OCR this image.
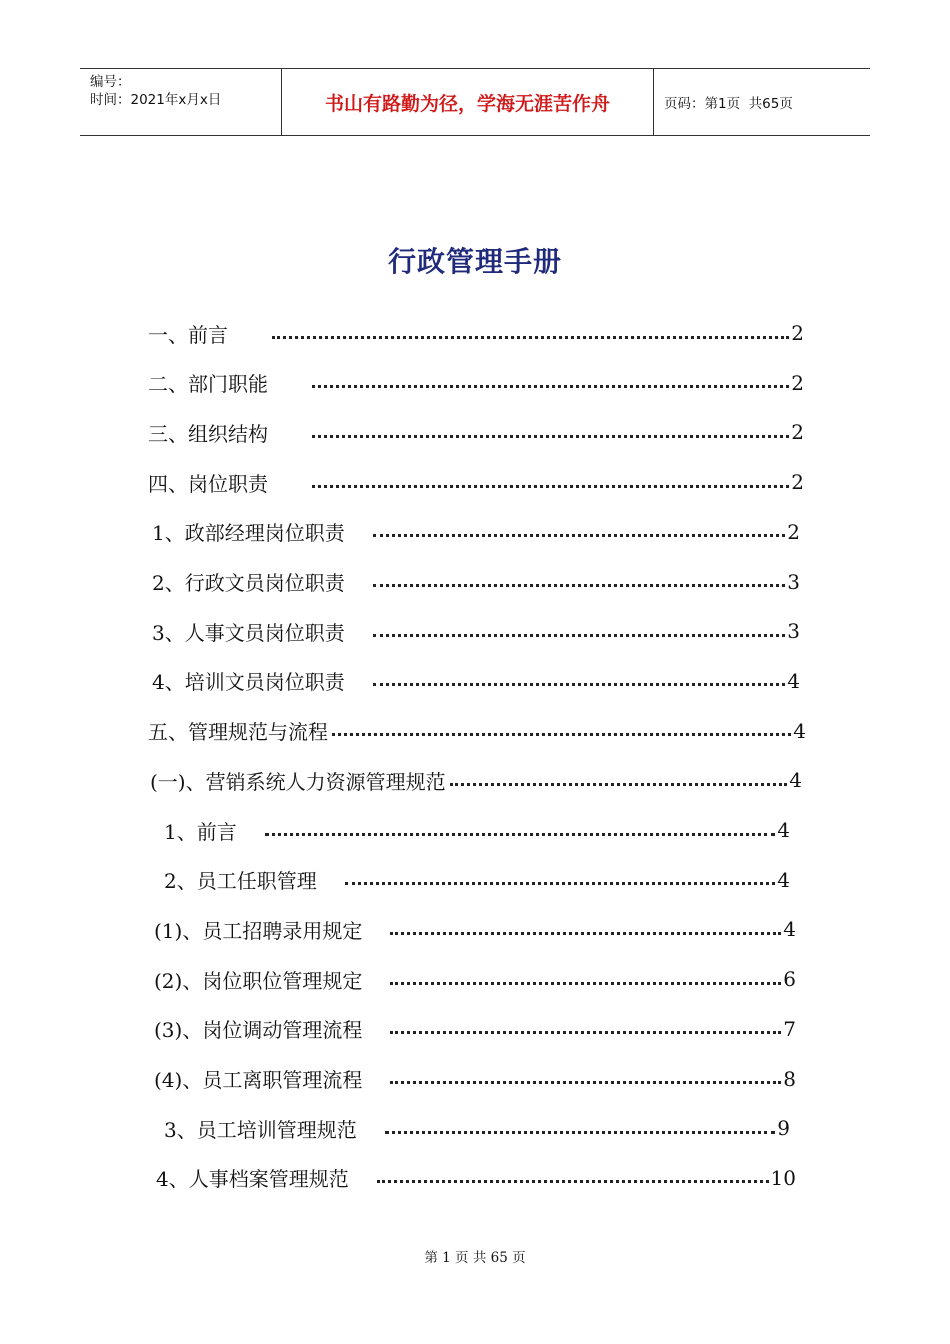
编号：
时间：2021年x月x日	书山有路勤为径，学海无涯苦作舟	页码：第1页  共65页
行政管理手册
一、前言	2
二、部门职能	2
三、组织结构	2
四、岗位职责	2
1、政部经理岗位职责	2
2、行政文员岗位职责	3
3、人事文员岗位职责	3
4、培训文员岗位职责	4
五、管理规范与流程	4
(一)、营销系统人力资源管理规范	4
1、前言	4
2、员工任职管理	4
(1)、员工招聘录用规定	4
(2)、岗位职位管理规定	6
(3)、岗位调动管理流程	7
(4)、员工离职管理流程	8
3、员工培训管理规范	9
4、人事档案管理规范	10
第 1 页 共 65 页
